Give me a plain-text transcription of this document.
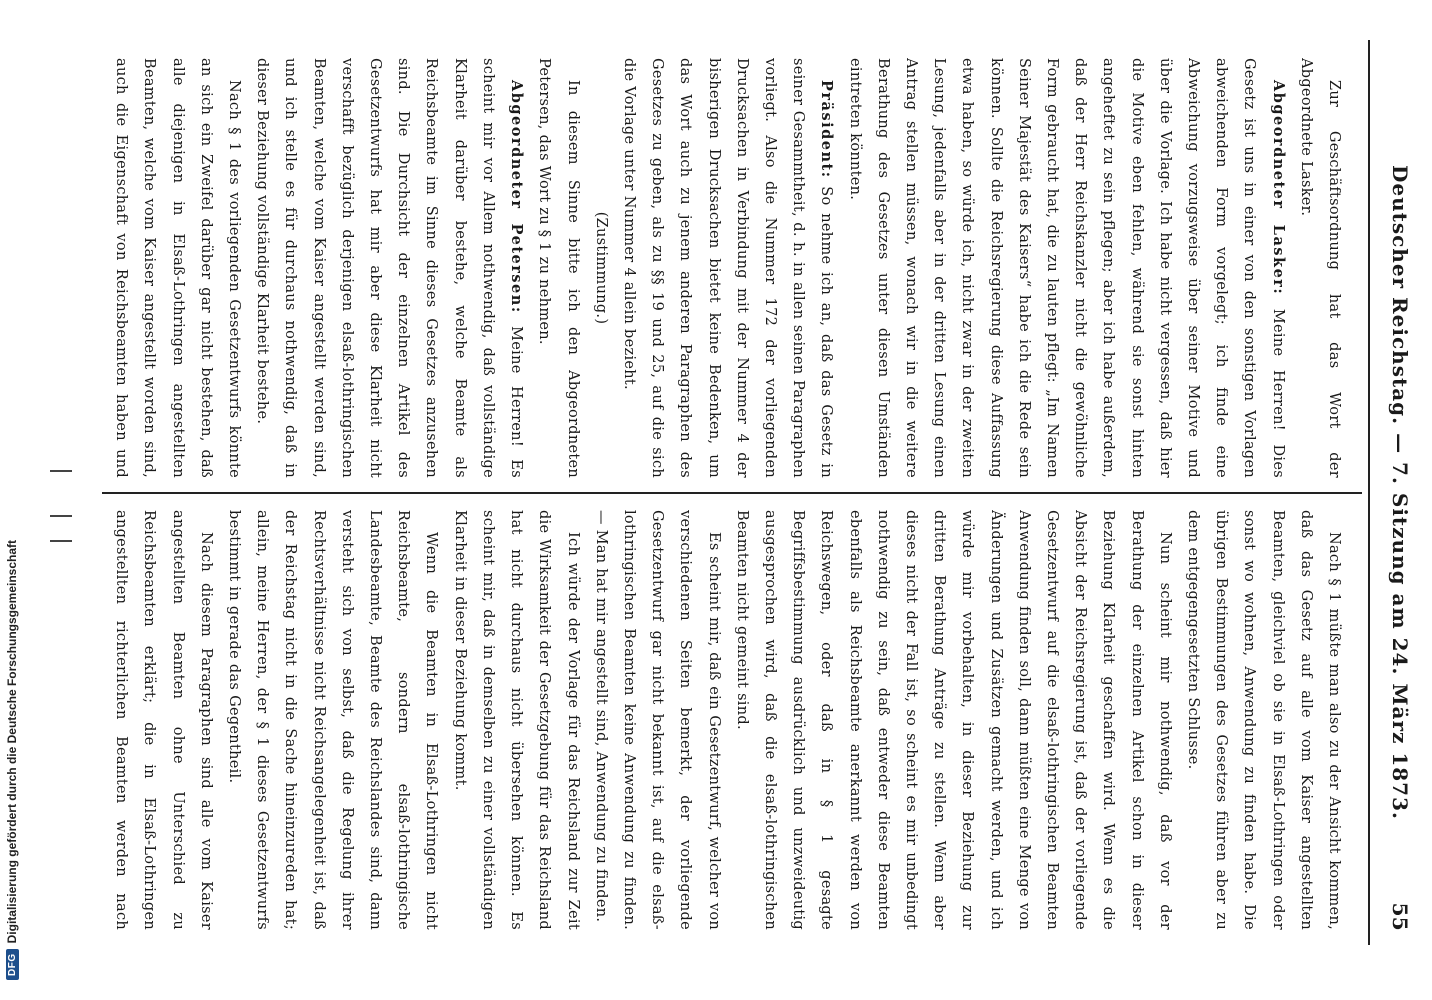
DFG
Digitalisierung gefördert durch die Deutsche Forschungsgemeinschaft	Deutscher Reichstag. — 7. Sitzung am 24. März 1873.
55

Zur Geschäftsordnung hat das Wort der Abgeordnete Lasker.

Abgeordneter Lasker: Meine Herren! Dies Gesetz ist uns in einer von den sonstigen Vorlagen abweichenden Form vorgelegt; ich finde eine Abweichung vorzugsweise über seiner Motive und über die Vorlage. Ich habe nicht vergessen, daß hier die Motive eben fehlen, während sie sonst hinten angeheftet zu sein pflegen; aber ich habe außerdem, daß der Herr Reichskanzler nicht die gewöhnliche Form gebraucht hat, die zu lauten pflegt: „Im Namen Seiner Majestät des Kaisers“ habe ich die Rede sein können. Sollte die Reichsregierung diese Auffassung etwa haben, so würde ich, nicht zwar in der zweiten Lesung, jedenfalls aber in der dritten Lesung einen Antrag stellen müssen, wonach wir in die weitere Berathung des Gesetzes unter diesen Umständen eintreten könnten.

Präsident: So nehme ich an, daß das Gesetz in seiner Gesammtheit, d. h. in allen seinen Paragraphen vorliegt. Also die Nummer 172 der vorliegenden Drucksachen in Verbindung mit der Nummer 4 der bisherigen Drucksachen bietet keine Bedenken, um das Wort auch zu jenem anderen Paragraphen des Gesetzes zu geben, als zu §§ 19 und 25, auf die sich die Vorlage unter Nummer 4 allein bezieht.

(Zustimmung.)

In diesem Sinne bitte ich den Abgeordneten Petersen, das Wort zu § 1 zu nehmen.

Abgeordneter Petersen: Meine Herren! Es scheint mir vor Allem nothwendig, daß vollständige Klarheit darüber bestehe, welche Beamte als Reichsbeamte im Sinne dieses Gesetzes anzusehen sind. Die Durchsicht der einzelnen Artikel des Gesetzentwurfs hat mir aber diese Klarheit nicht verschafft bezüglich derjenigen elsaß-lothringischen Beamten, welche vom Kaiser angestellt werden sind, und ich stelle es für durchaus nothwendig, daß in dieser Beziehung vollständige Klarheit bestehe.

Nach § 1 des vorliegenden Gesetzentwurfs könnte an sich ein Zweifel darüber gar nicht bestehen, daß alle diejenigen in Elsaß-Lothringen angestellten Beamten, welche vom Kaiser angestellt worden sind, auch die Eigenschaft von Reichsbeamten haben und

Nach § 1 müßte man also zu der Ansicht kommen, daß das Gesetz auf alle vom Kaiser angestellten Beamten, gleichviel ob sie in Elsaß-Lothringen oder sonst wo wohnen, Anwendung zu finden habe. Die übrigen Bestimmungen des Gesetzes führen aber zu dem entgegengesetzten Schlusse.

Nun scheint mir nothwendig, daß vor der Berathung der einzelnen Artikel schon in dieser Beziehung Klarheit geschaffen wird. Wenn es die Absicht der Reichsregierung ist, daß der vorliegende Gesetzentwurf auf die elsaß-lothringischen Beamten Anwendung finden soll, dann müßten eine Menge von Änderungen und Zusätzen gemacht werden, und ich würde mir vorbehalten, in dieser Beziehung zur dritten Berathung Anträge zu stellen. Wenn aber dieses nicht der Fall ist, so scheint es mir unbedingt nothwendig zu sein, daß entweder diese Beamten ebenfalls als Reichsbeamte anerkannt werden von Reichswegen, oder daß in § 1 gesagte Begriffsbestimmung ausdrücklich und unzweideutig ausgesprochen wird, daß die elsaß-lothringischen Beamten nicht gemeint sind.

Es scheint mir, daß ein Gesetzentwurf, welcher von verschiedenen Seiten bemerkt, der vorliegende Gesetzentwurf gar nicht bekannt ist, auf die elsaß-lothringischen Beamten keine Anwendung zu finden. — Man hat mir angestellt sind, Anwendung zu finden.

Ich würde der Vorlage für das Reichsland zur Zeit die Wirksamkeit der Gesetzgebung für das Reichsland hat nicht durchaus nicht übersehen können. Es scheint mir, daß in demselben zu einer vollständigen Klarheit in dieser Beziehung kommt.

Wenn die Beamten in Elsaß-Lothringen nicht Reichsbeamte, sondern elsaß-lothringische Landesbeamte, Beamte des Reichslandes sind, dann versteht sich von selbst, daß die Regelung ihrer Rechtsverhältnisse nicht Reichsangelegenheit ist, daß der Reichstag nicht in die Sache hineinzureden hat; allein, meine Herren, der § 1 dieses Gesetzentwurfs bestimmt in gerade das Gegentheil.

Nach diesem Paragraphen sind alle vom Kaiser angestellten Beamten ohne Unterschied zu Reichsbeamten erklärt; die in Elsaß-Lothringen angestellten richterlichen Beamten werden nach
